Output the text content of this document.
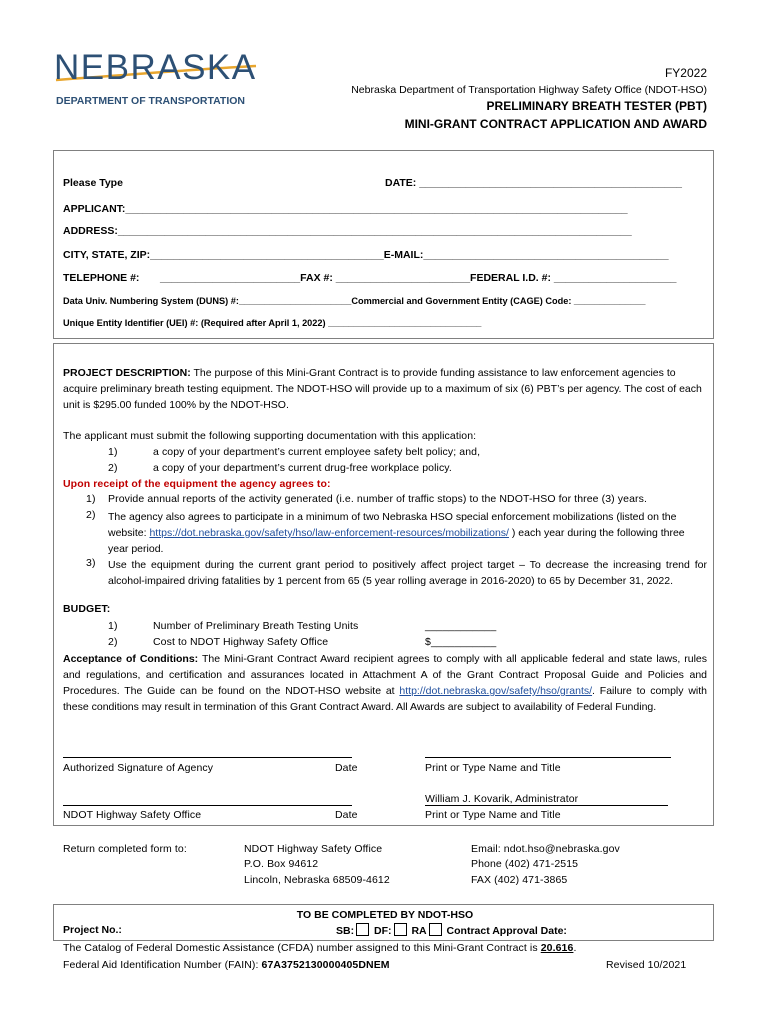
NEBRASKA
DEPARTMENT OF TRANSPORTATION
FY2022
Nebraska Department of Transportation Highway Safety Office (NDOT-HSO)
PRELIMINARY BREATH TESTER (PBT)
MINI-GRANT CONTRACT APPLICATION AND AWARD
Please Type	DATE: _____________________________________________
APPLICANT:______________________________________________________________________________________
ADDRESS:________________________________________________________________________________________
CITY, STATE, ZIP:________________________________________E-MAIL:__________________________________________
TELEPHONE #: ________________________FAX #: _______________________FEDERAL I.D. #: _____________________
Data Univ. Numbering System (DUNS) #:______________________Commercial and Government Entity (CAGE) Code: ______________
Unique Entity Identifier (UEI) #: (Required after April 1, 2022) ______________________________
PROJECT DESCRIPTION: The purpose of this Mini-Grant Contract is to provide funding assistance to law enforcement agencies to acquire preliminary breath testing equipment. The NDOT-HSO will provide up to a maximum of six (6) PBT’s per agency. The cost of each unit is $295.00 funded 100% by the NDOT-HSO.
The applicant must submit the following supporting documentation with this application:
1)	a copy of your department’s current employee safety belt policy; and,
2)	a copy of your department’s current drug-free workplace policy.
Upon receipt of the equipment the agency agrees to:
1) Provide annual reports of the activity generated (i.e. number of traffic stops) to the NDOT-HSO for three (3) years.
2) The agency also agrees to participate in a minimum of two Nebraska HSO special enforcement mobilizations (listed on the website: https://dot.nebraska.gov/safety/hso/law-enforcement-resources/mobilizations/ ) each year during the following three year period.
3) Use the equipment during the current grant period to positively affect project target – To decrease the increasing trend for alcohol-impaired driving fatalities by 1 percent from 65 (5 year rolling average in 2016-2020) to 65 by December 31, 2022.
BUDGET:
1)	Number of Preliminary Breath Testing Units	____________
2)	Cost to NDOT Highway Safety Office	$___________
Acceptance of Conditions: The Mini-Grant Contract Award recipient agrees to comply with all applicable federal and state laws, rules and regulations, and certification and assurances located in Attachment A of the Grant Contract Proposal Guide and Policies and Procedures. The Guide can be found on the NDOT-HSO website at http://dot.nebraska.gov/safety/hso/grants/. Failure to comply with these conditions may result in termination of this Grant Contract Award. All Awards are subject to availability of Federal Funding.
Authorized Signature of Agency	Date	Print or Type Name and Title
William J. Kovarik, Administrator
NDOT Highway Safety Office	Date	Print or Type Name and Title
Return completed form to:	NDOT Highway Safety Office
P.O. Box 94612
Lincoln, Nebraska 68509-4612
Email: ndot.hso@nebraska.gov
Phone (402) 471-2515
FAX (402) 471-3865
TO BE COMPLETED BY NDOT-HSO
Project No.:	SB: DF: RA Contract Approval Date:
The Catalog of Federal Domestic Assistance (CFDA) number assigned to this Mini-Grant Contract is 20.616.
Federal Aid Identification Number (FAIN): 67A3752130000405DNEM	Revised 10/2021
